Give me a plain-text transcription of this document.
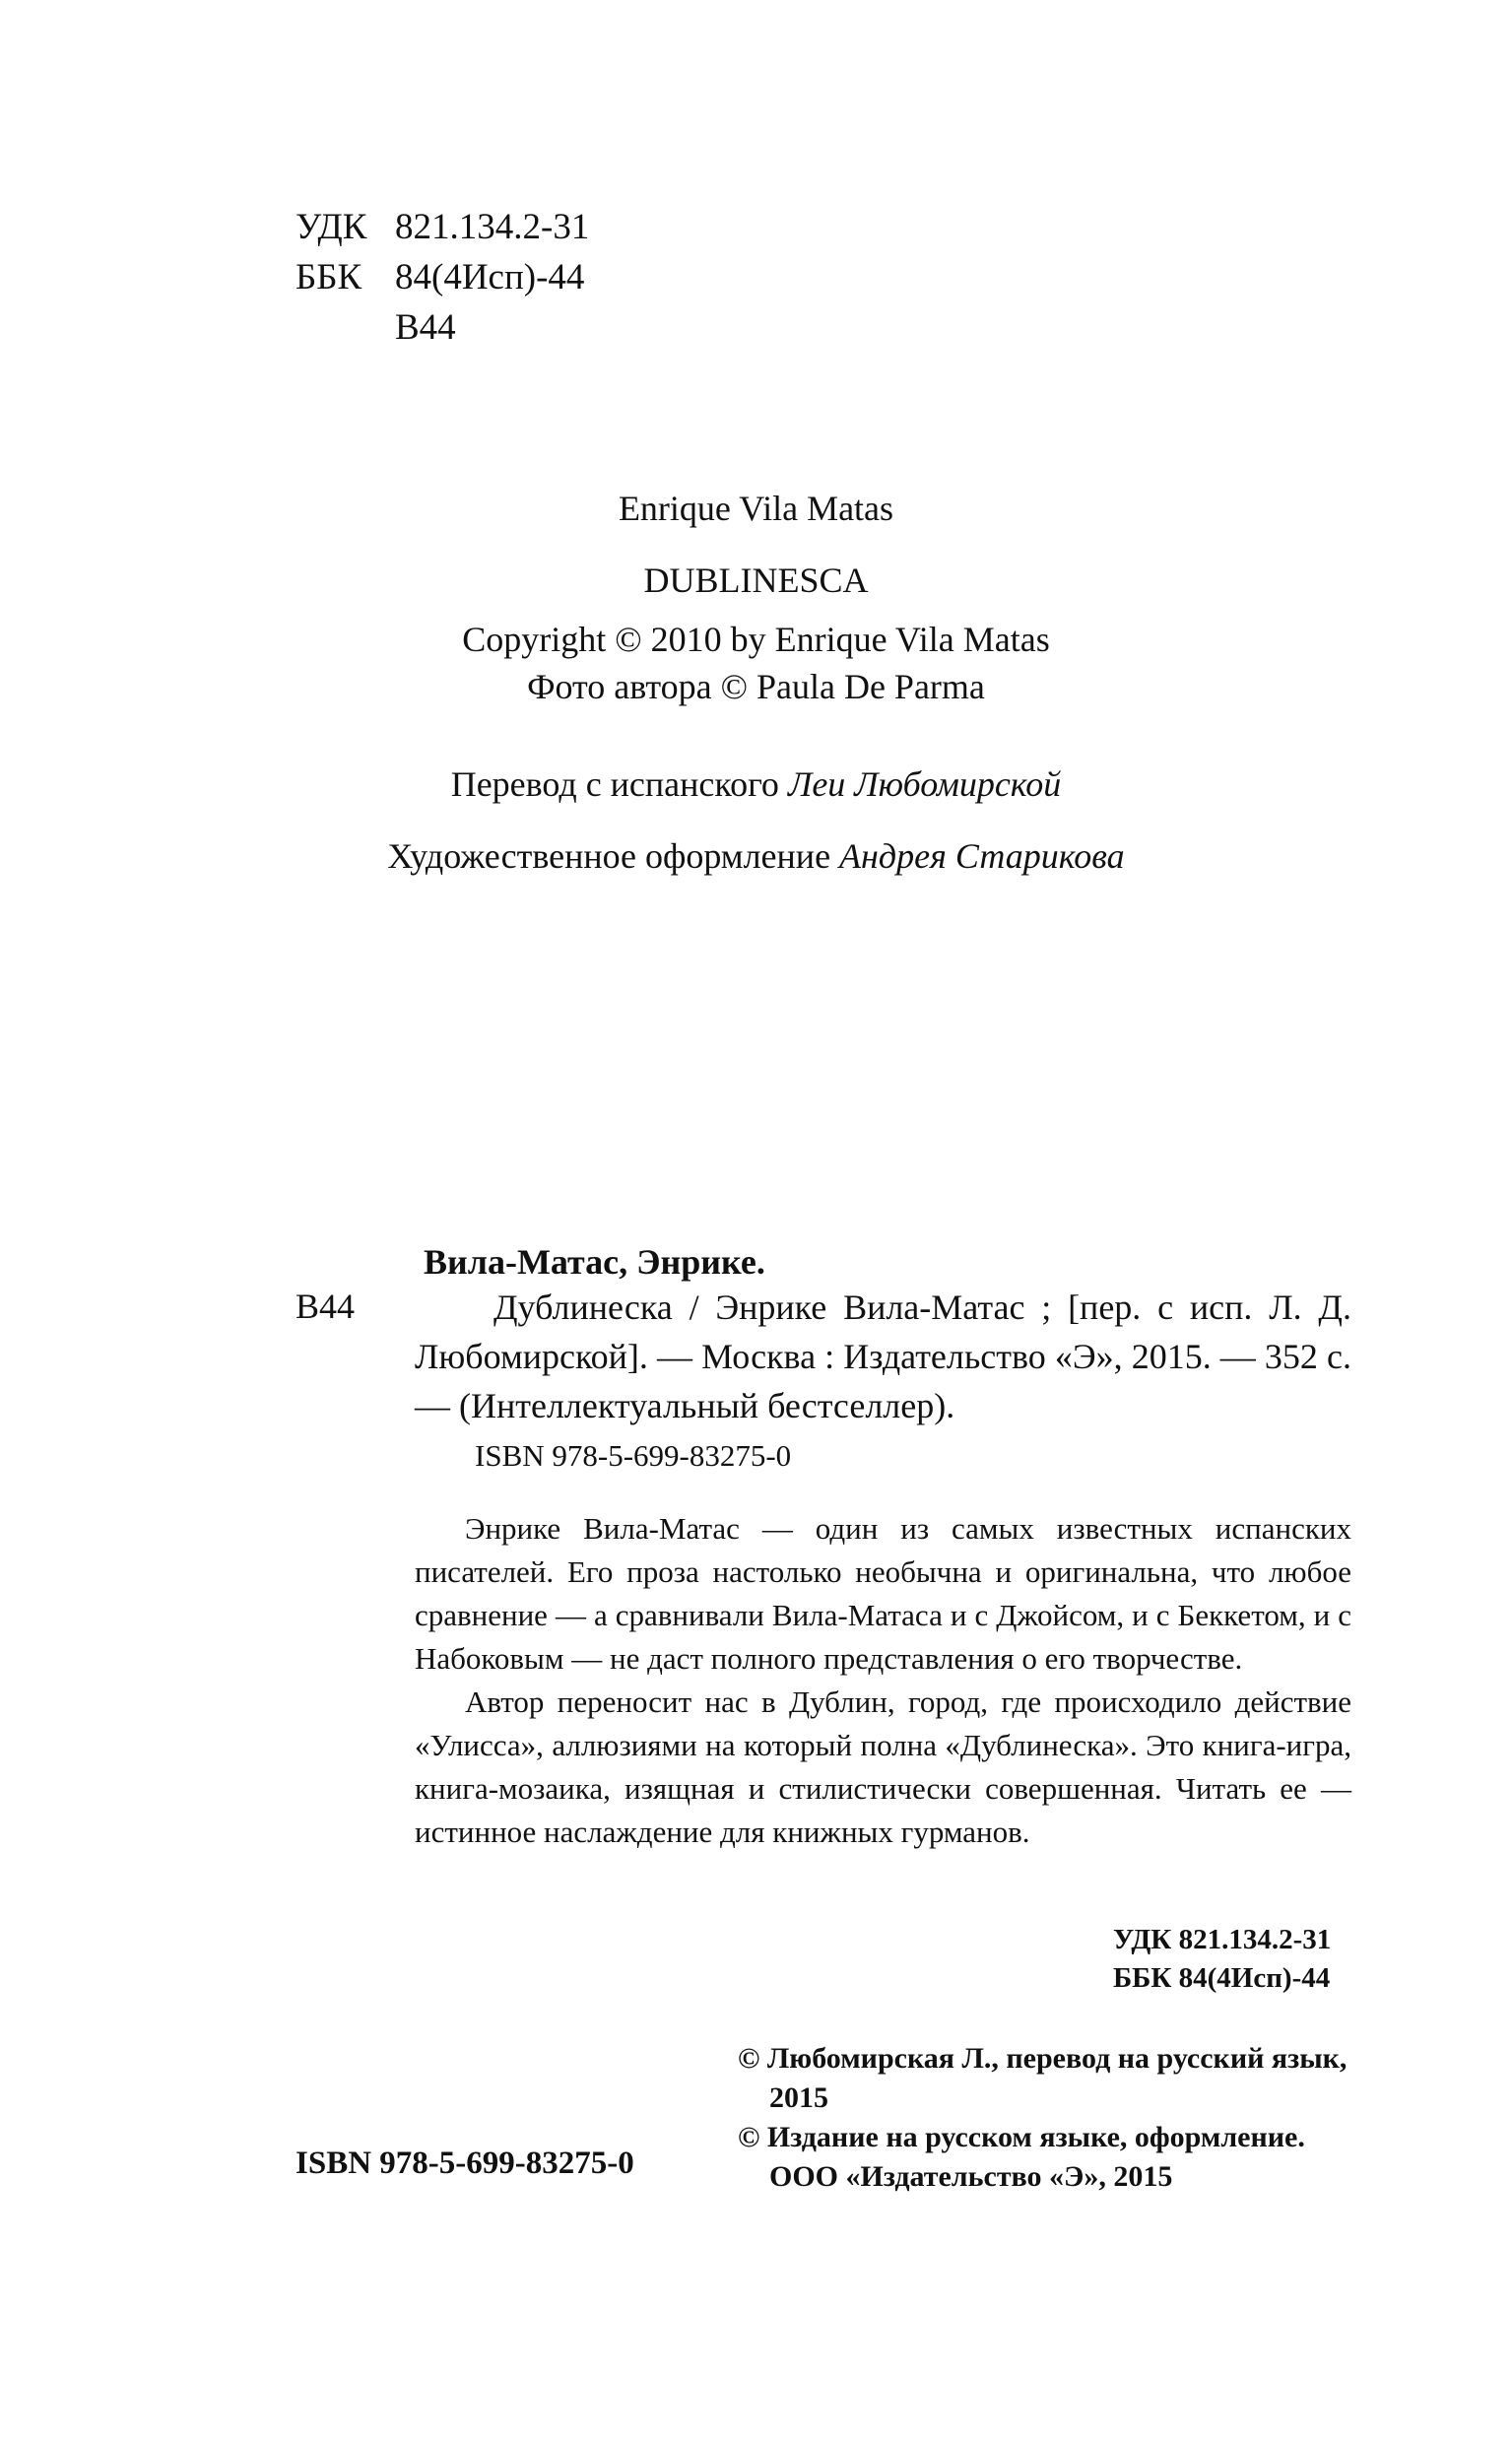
УДК 821.134.2-31
ББК 84(4Исп)-44
В44
Enrique Vila Matas
DUBLINESCA
Copyright © 2010 by Enrique Vila Matas
Фото автора © Paula De Parma
Перевод с испанского Леи Любомирской
Художественное оформление Андрея Старикова
Вила-Матас, Энрике.
В44	Дублинеска / Энрике Вила-Матас ; [пер. с исп. Л. Д. Любомирской]. — Москва : Издательство «Э», 2015. — 352 с. — (Интеллектуальный бестселлер).
ISBN 978-5-699-83275-0

Энрике Вила-Матас — один из самых известных испанских писателей. Его проза настолько необычна и оригинальна, что любое сравнение — а сравнивали Вила-Матаса и с Джойсом, и с Беккетом, и с Набоковым — не даст полного представления о его творчестве.

Автор переносит нас в Дублин, город, где происходило действие «Улисса», аллюзиями на который полна «Дублинеска». Это книга-игра, книга-мозаика, изящная и стилистически совершенная. Читать ее — истинное наслаждение для книжных гурманов.

УДК 821.134.2-31
ББК 84(4Исп)-44
© Любомирская Л., перевод на русский язык, 2015
© Издание на русском языке, оформление. ООО «Издательство «Э», 2015
ISBN 978-5-699-83275-0
